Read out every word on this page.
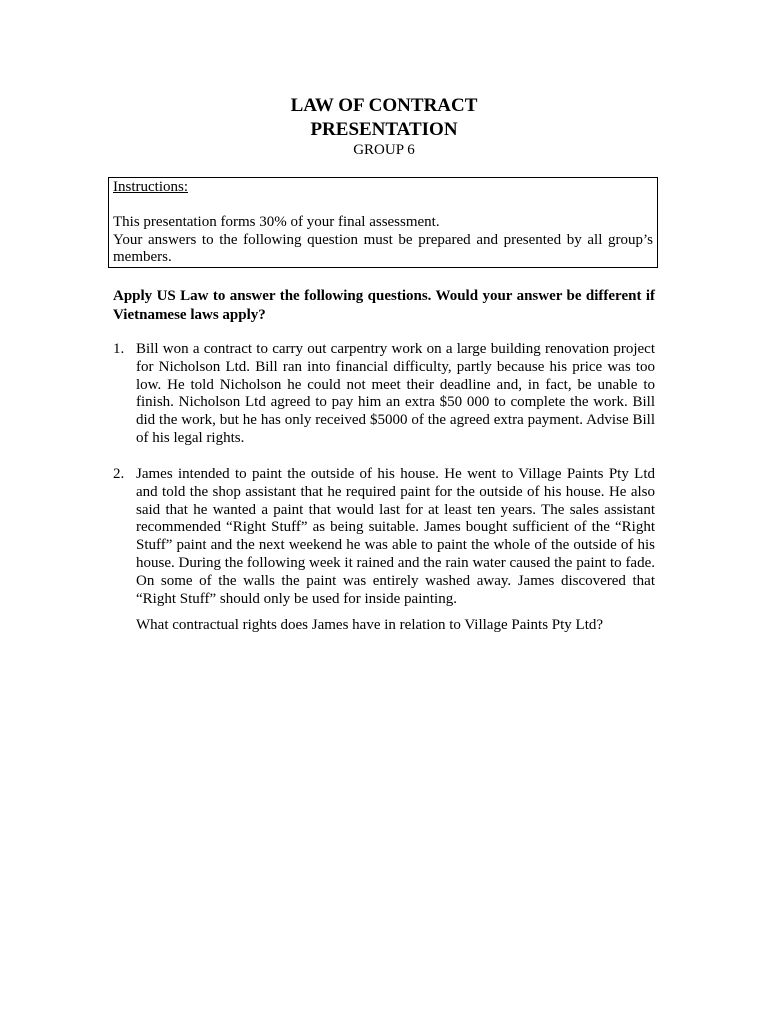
LAW OF CONTRACT
PRESENTATION
GROUP 6
Instructions:
This presentation forms 30% of your final assessment.
Your answers to the following question must be prepared and presented by all group’s members.
Apply US Law to answer the following questions. Would your answer be different if Vietnamese laws apply?
1. Bill won a contract to carry out carpentry work on a large building renovation project for Nicholson Ltd. Bill ran into financial difficulty, partly because his price was too low. He told Nicholson he could not meet their deadline and, in fact, be unable to finish. Nicholson Ltd agreed to pay him an extra $50 000 to complete the work. Bill did the work, but he has only received $5000 of the agreed extra payment. Advise Bill of his legal rights.
2. James intended to paint the outside of his house. He went to Village Paints Pty Ltd and told the shop assistant that he required paint for the outside of his house. He also said that he wanted a paint that would last for at least ten years. The sales assistant recommended “Right Stuff” as being suitable. James bought sufficient of the “Right Stuff” paint and the next weekend he was able to paint the whole of the outside of his house. During the following week it rained and the rain water caused the paint to fade. On some of the walls the paint was entirely washed away. James discovered that “Right Stuff” should only be used for inside painting.
What contractual rights does James have in relation to Village Paints Pty Ltd?
